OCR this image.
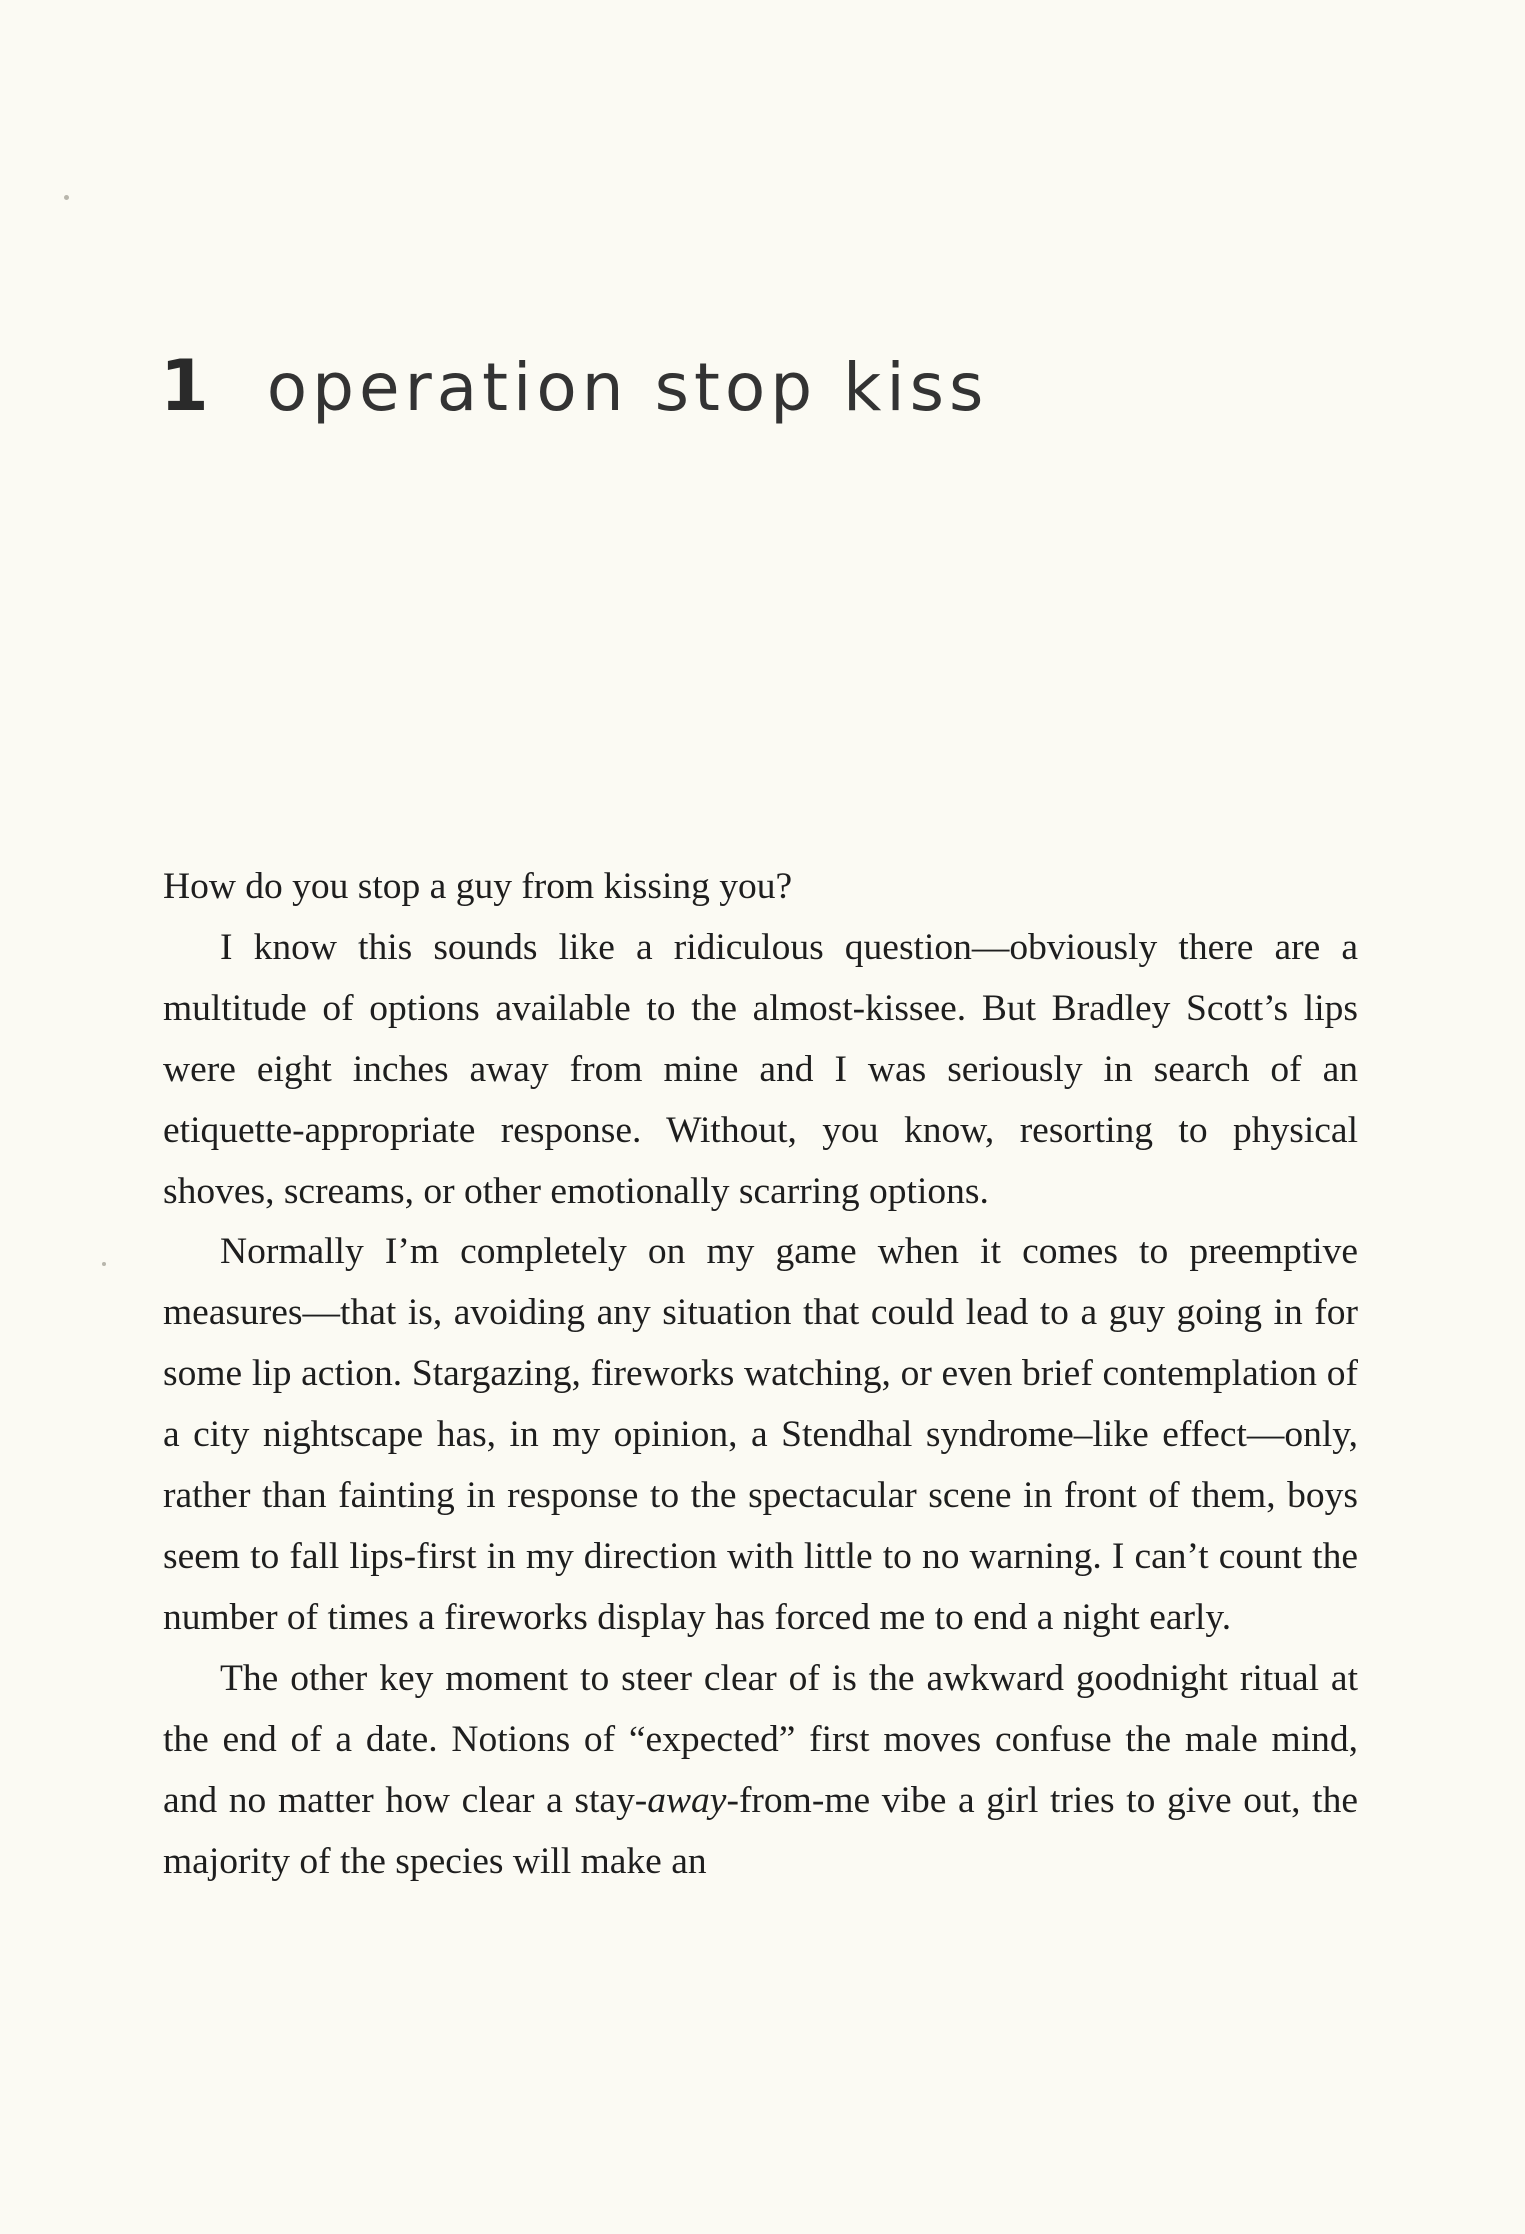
1 operation stop kiss

How do you stop a guy from kissing you?

I know this sounds like a ridiculous question—obviously there are a multitude of options available to the almost-kissee. But Bradley Scott’s lips were eight inches away from mine and I was seriously in search of an etiquette-appropriate response. Without, you know, resorting to physical shoves, screams, or other emotionally scarring options.

Normally I’m completely on my game when it comes to preemptive measures—that is, avoiding any situation that could lead to a guy going in for some lip action. Stargazing, fireworks watching, or even brief contemplation of a city nightscape has, in my opinion, a Stendhal syndrome–like effect—only, rather than fainting in response to the spectacular scene in front of them, boys seem to fall lips-first in my direction with little to no warning. I can’t count the number of times a fireworks display has forced me to end a night early.

The other key moment to steer clear of is the awkward goodnight ritual at the end of a date. Notions of “expected” first moves confuse the male mind, and no matter how clear a stay-away-from-me vibe a girl tries to give out, the majority of the species will make an
